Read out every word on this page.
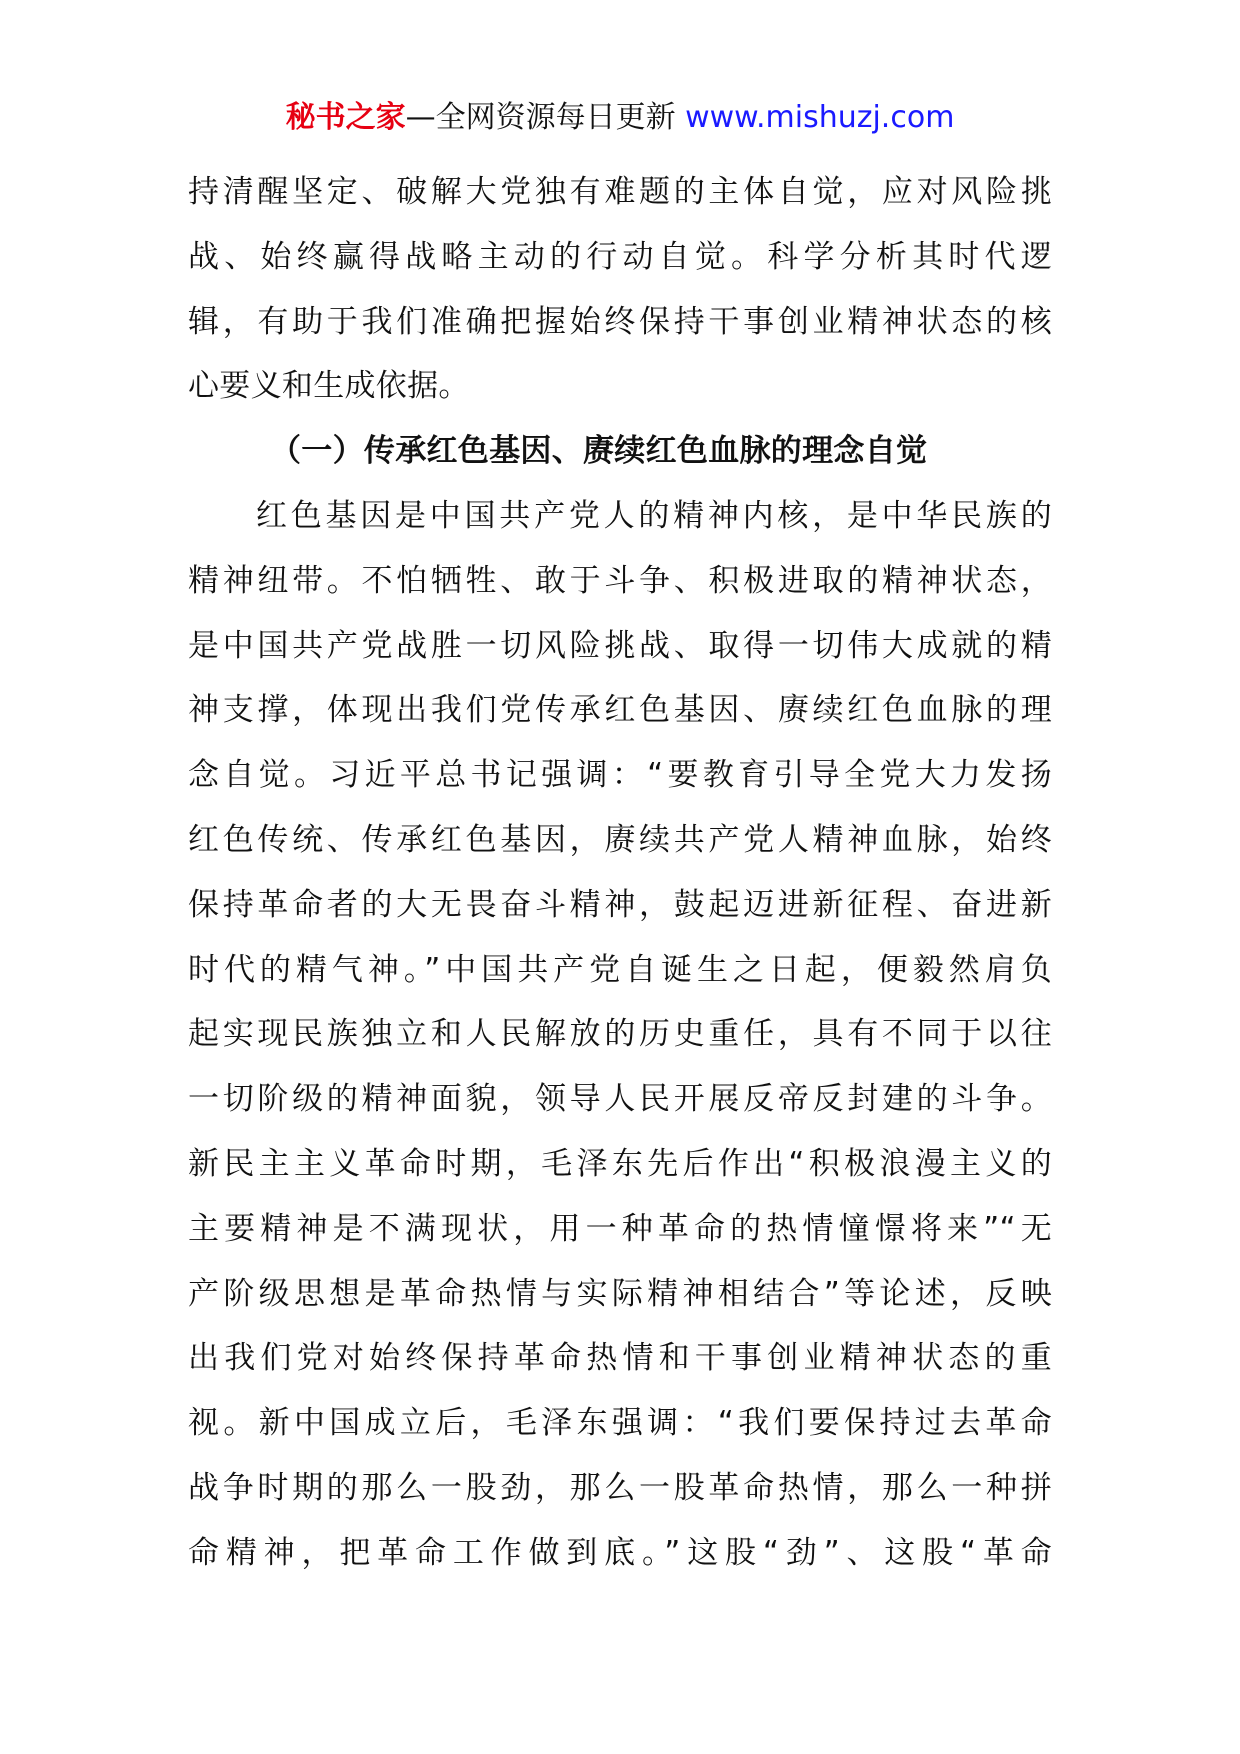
秘书之家—全网资源每日更新 www.mishuzj.com
持清醒坚定、破解大党独有难题的主体自觉，应对风险挑
战、始终赢得战略主动的行动自觉。科学分析其时代逻
辑，有助于我们准确把握始终保持干事创业精神状态的核
心要义和生成依据。
（一）传承红色基因、赓续红色血脉的理念自觉
红色基因是中国共产党人的精神内核，是中华民族的
精神纽带。不怕牺牲、敢于斗争、积极进取的精神状态，
是中国共产党战胜一切风险挑战、取得一切伟大成就的精
神支撑，体现出我们党传承红色基因、赓续红色血脉的理
念自觉。习近平总书记强调：“要教育引导全党大力发扬
红色传统、传承红色基因，赓续共产党人精神血脉，始终
保持革命者的大无畏奋斗精神，鼓起迈进新征程、奋进新
时代的精气神。”中国共产党自诞生之日起，便毅然肩负
起实现民族独立和人民解放的历史重任，具有不同于以往
一切阶级的精神面貌，领导人民开展反帝反封建的斗争。
新民主主义革命时期，毛泽东先后作出“积极浪漫主义的
主要精神是不满现状，用一种革命的热情憧憬将来”“无
产阶级思想是革命热情与实际精神相结合”等论述，反映
出我们党对始终保持革命热情和干事创业精神状态的重
视。新中国成立后，毛泽东强调：“我们要保持过去革命
战争时期的那么一股劲，那么一股革命热情，那么一种拼
命精神，把革命工作做到底。”这股“劲”、这股“革命
